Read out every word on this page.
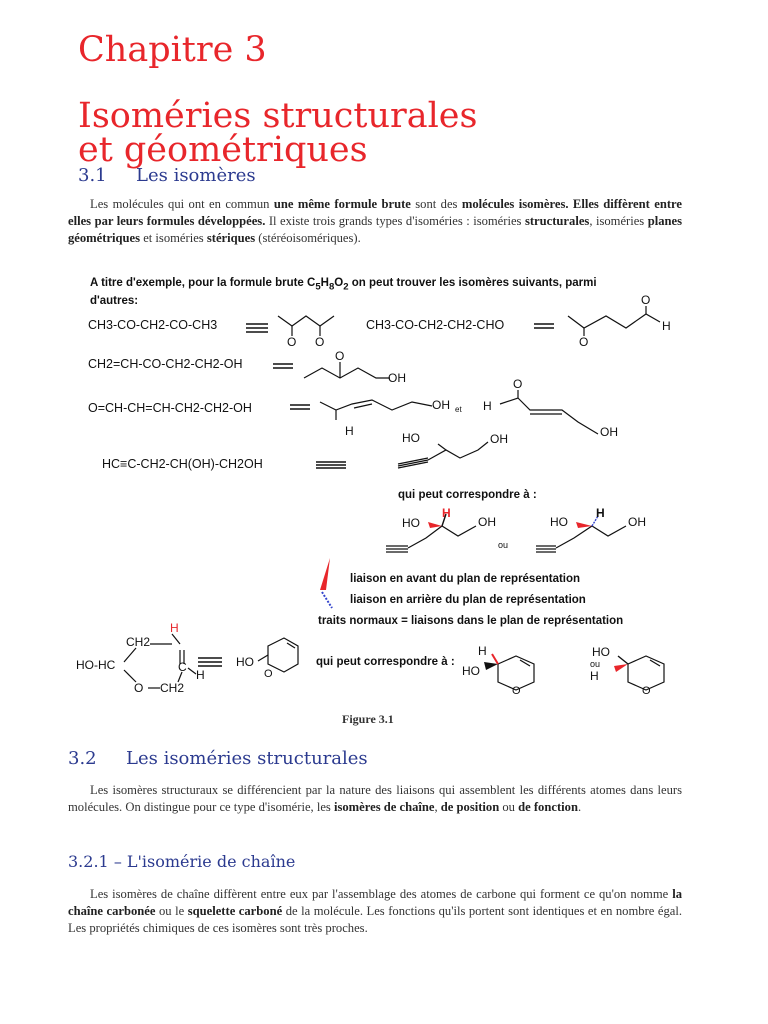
Chapitre 3
Isoméries structurales
et géométriques
3.1 Les isomères
Les molécules qui ont en commun une même formule brute sont des molécules isomères. Elles diffèrent entre elles par leurs formules développées. Il existe trois grands types d'isoméries : isoméries structurales, isoméries planes géométriques et isoméries stériques (stéréoisomériques).
A titre d'exemple, pour la formule brute $C_5H_8O_2$ on peut trouver les isomères suivants, parmi
d'autres:
CH3-CO-CH2-CO-CH3	CH3-CO-CH2-CH2-CHO
CH2=CH-CO-CH2-CH2-OH
O=CH-CH=CH-CH2-CH2-OH
HC≡C-CH2-CH(OH)-CH2OH
O O	O
O
H
O
OH
OH et
H
H
O
OH
HO	OH
qui peut correspondre à :
HO
H
OH
ou
HO
H
OH
liaison en avant du plan de représentation
liaison en arrière du plan de représentation
traits normaux = liaisons dans le plan de représentation
CH2
H
HO-HC	C
H
O CH2
HO
O
qui peut correspondre à :
H
HO
O
ou
HO
H
O
Figure 3.1
3.2 Les isoméries structurales
Les isomères structuraux se différencient par la nature des liaisons qui assemblent les différents atomes dans leurs molécules. On distingue pour ce type d'isomérie, les isomères de chaîne, de position ou de fonction.
3.2.1 – L'isomérie de chaîne
Les isomères de chaîne diffèrent entre eux par l'assemblage des atomes de carbone qui forment ce qu'on nomme la chaîne carbonée ou le squelette carboné de la molécule. Les fonctions qu'ils portent sont identiques et en nombre égal. Les propriétés chimiques de ces isomères sont très proches.
